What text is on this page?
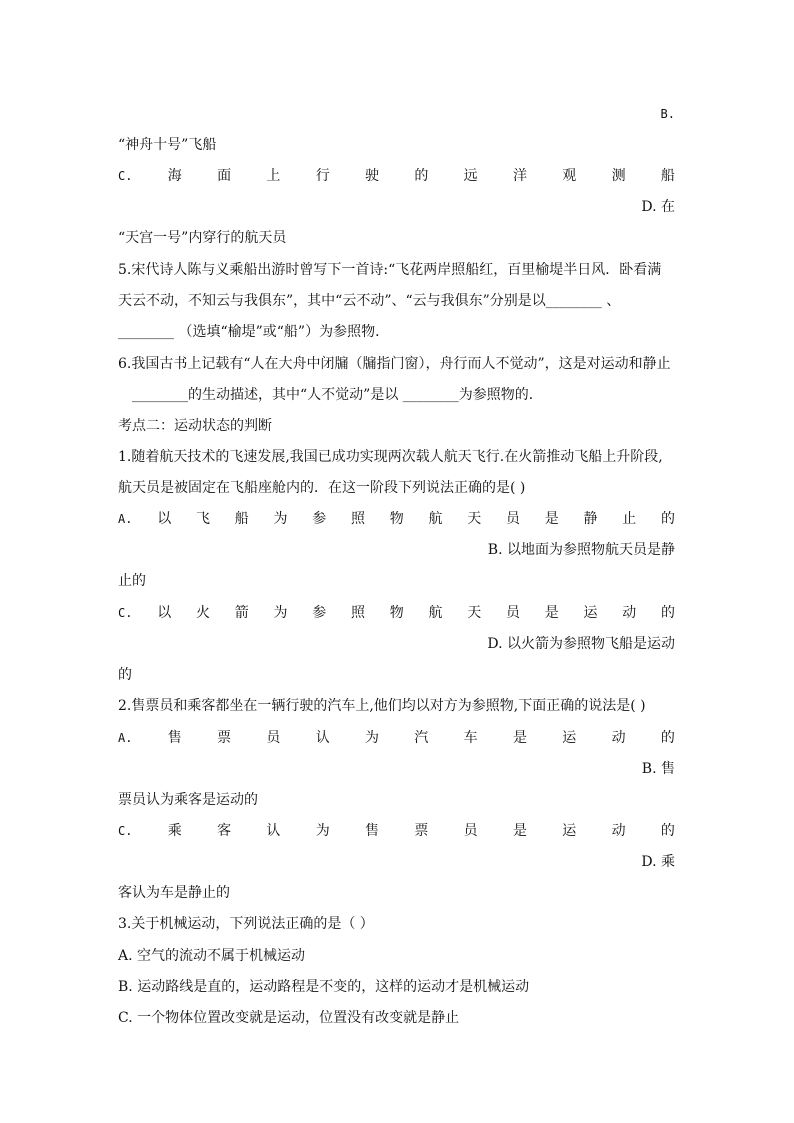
B.
“神舟十号”飞船
C.	海	面	上	行	驶	的	远	洋	观	测	船
D. 在
“天宫一号”内穿行的航天员
5.宋代诗人陈与义乘船出游时曾写下一首诗:“飞花两岸照船红，百里榆堤半日风．卧看满
天云不动，不知云与我俱东”，其中“云不动”、“云与我俱东”分别是以________ 、
________ （选填“榆堤”或“船”）为参照物．
6.我国古书上记载有“人在大舟中闭牖（牖指门窗），舟行而人不觉动”，这是对运动和静止
________的生动描述，其中“人不觉动”是以 ________为参照物的．
考点二：运动状态的判断
1.随着航天技术的飞速发展,我国已成功实现两次载人航天飞行.在火箭推动飞船上升阶段,
航天员是被固定在飞船座舱内的．在这一阶段下列说法正确的是( )
A. 以 飞 船 为 参 照 物 航 天 员 是 静 止 的
B. 以地面为参照物航天员是静
止的
C. 以 火 箭 为 参 照 物 航 天 员 是 运 动 的
D. 以火箭为参照物飞船是运动
的
2.售票员和乘客都坐在一辆行驶的汽车上,他们均以对方为参照物,下面正确的说法是( )
A.	售	票	员	认	为	汽	车	是	运	动	的
B. 售
票员认为乘客是运动的
C.	乘	客	认	为	售	票	员	是	运	动	的
D. 乘
客认为车是静止的
3.关于机械运动，下列说法正确的是（ ）
A. 空气的流动不属于机械运动
B. 运动路线是直的，运动路程是不变的，这样的运动才是机械运动
C. 一个物体位置改变就是运动，位置没有改变就是静止
